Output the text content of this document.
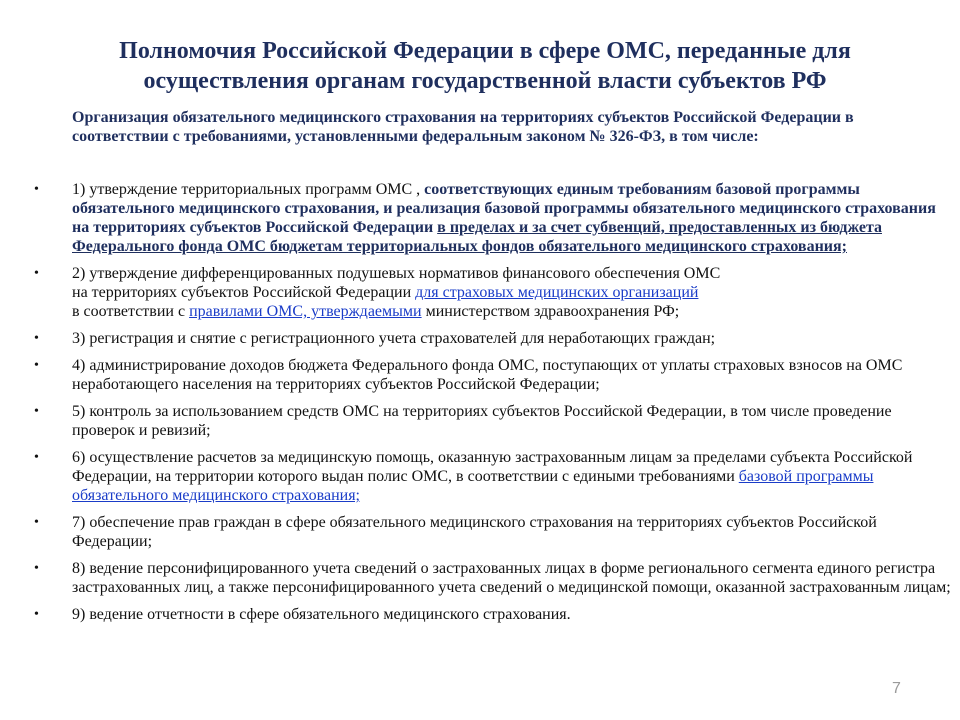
Полномочия Российской Федерации в сфере ОМС, переданные для осуществления органам государственной власти субъектов РФ
Организация обязательного медицинского страхования на территориях субъектов Российской Федерации в соответствии с требованиями, установленными федеральным законом № 326-ФЗ, в том числе:
• 1) утверждение территориальных программ ОМС , соответствующих единым требованиям базовой программы обязательного медицинского страхования, и реализация базовой программы обязательного медицинского страхования на территориях субъектов Российской Федерации в пределах и за счет субвенций, предоставленных из бюджета Федерального фонда ОМС бюджетам территориальных фондов обязательного медицинского страхования;
• 2) утверждение дифференцированных подушевых нормативов финансового обеспечения ОМС
на территориях субъектов Российской Федерации для страховых медицинских организаций
в соответствии с правилами ОМС, утверждаемыми министерством здравоохранения РФ;
• 3) регистрация и снятие с регистрационного учета страхователей для неработающих граждан;
• 4) администрирование доходов бюджета Федерального фонда ОМС, поступающих от уплаты страховых взносов на ОМС неработающего населения на территориях субъектов Российской Федерации;
• 5) контроль за использованием средств ОМС на территориях субъектов Российской Федерации, в том числе проведение проверок и ревизий;
• 6) осуществление расчетов за медицинскую помощь, оказанную застрахованным лицам за пределами субъекта Российской Федерации, на территории которого выдан полис ОМС, в соответствии с едиными требованиями базовой программы обязательного медицинского страхования;
• 7) обеспечение прав граждан в сфере обязательного медицинского страхования на территориях субъектов Российской Федерации;
• 8) ведение персонифицированного учета сведений о застрахованных лицах в форме регионального сегмента единого регистра застрахованных лиц, а также персонифицированного учета сведений о медицинской помощи, оказанной застрахованным лицам;
• 9) ведение отчетности в сфере обязательного медицинского страхования.
7
